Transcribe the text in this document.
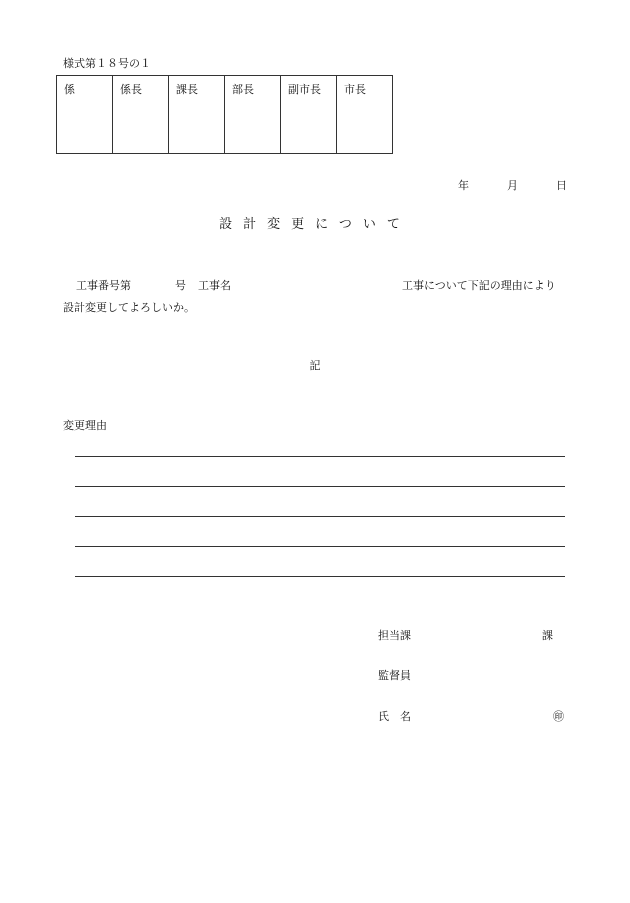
様式第１８号の１
係	係長	課長	部長	副市長	市長
年	月	日
設計変更について
工事番号第	号 工事名	工事について下記の理由により
設計変更してよろしいか。
記
変更理由
担当課	課
監督員
氏　名	㊞
